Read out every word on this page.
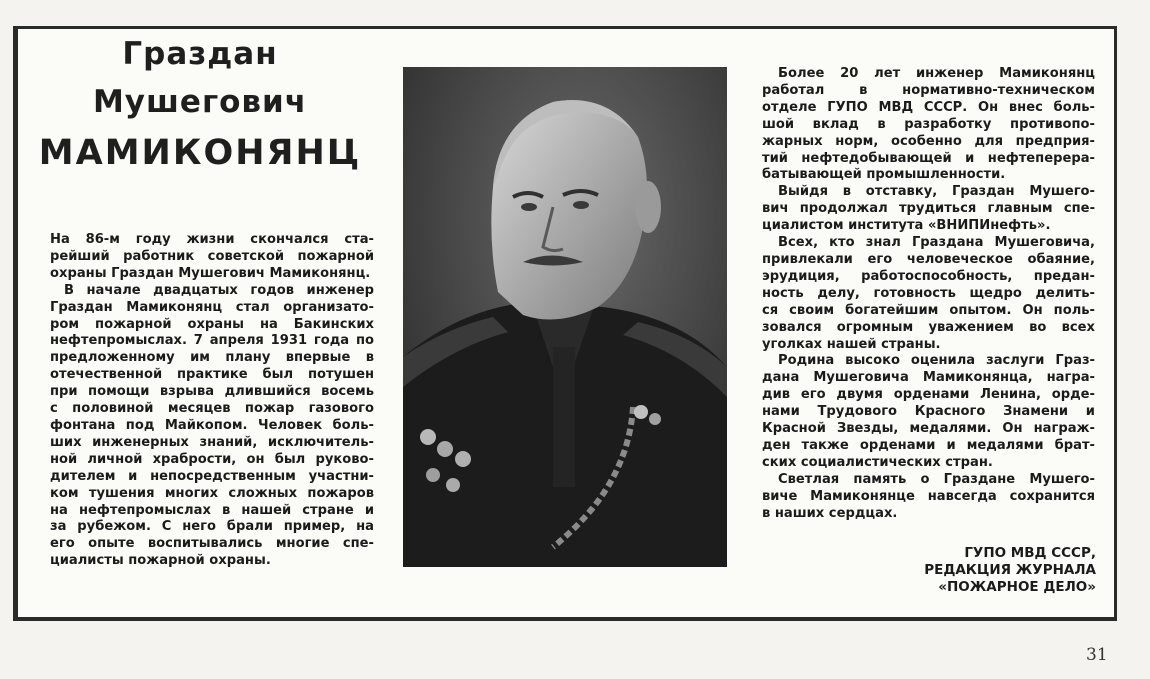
Граздан
Мушегович
МАМИКОНЯНЦ
На 86-м году жизни скончался ста-
рейший работник советской пожарной
охраны Граздан Мушегович Мамиконянц.
В начале двадцатых годов инженер
Граздан Мамиконянц стал организато-
ром пожарной охраны на Бакинских
нефтепромыслах. 7 апреля 1931 года по
предложенному им плану впервые в
отечественной практике был потушен
при помощи взрыва длившийся восемь
с половиной месяцев пожар газового
фонтана под Майкопом. Человек боль-
ших инженерных знаний, исключитель-
ной личной храбрости, он был руково-
дителем и непосредственным участни-
ком тушения многих сложных пожаров
на нефтепромыслах в нашей стране и
за рубежом. С него брали пример, на
его опыте воспитывались многие спе-
циалисты пожарной охраны.
Более 20 лет инженер Мамиконянц
работал в нормативно-техническом
отделе ГУПО МВД СССР. Он внес боль-
шой вклад в разработку противопо-
жарных норм, особенно для предприя-
тий нефтедобывающей и нефтеперера-
батывающей промышленности.
Выйдя в отставку, Граздан Мушего-
вич продолжал трудиться главным спе-
циалистом института «ВНИПИнефть».
Всех, кто знал Граздана Мушеговича,
привлекали его человеческое обаяние,
эрудиция, работоспособность, предан-
ность делу, готовность щедро делить-
ся своим богатейшим опытом. Он поль-
зовался огромным уважением во всех
уголках нашей страны.
Родина высоко оценила заслуги Грaз-
дана Мушеговича Мамиконянца, награ-
див его двумя орденами Ленина, орде-
нами Трудового Красного Знамени и
Красной Звезды, медалями. Он награж-
ден также орденами и медалями брат-
ских социалистических стран.
Светлая память о Граздане Мушего-
виче Мамиконянце навсегда сохранится
в наших сердцах.
ГУПО МВД СССР,
РЕДАКЦИЯ ЖУРНАЛА
«ПОЖАРНОЕ ДЕЛО»
31
